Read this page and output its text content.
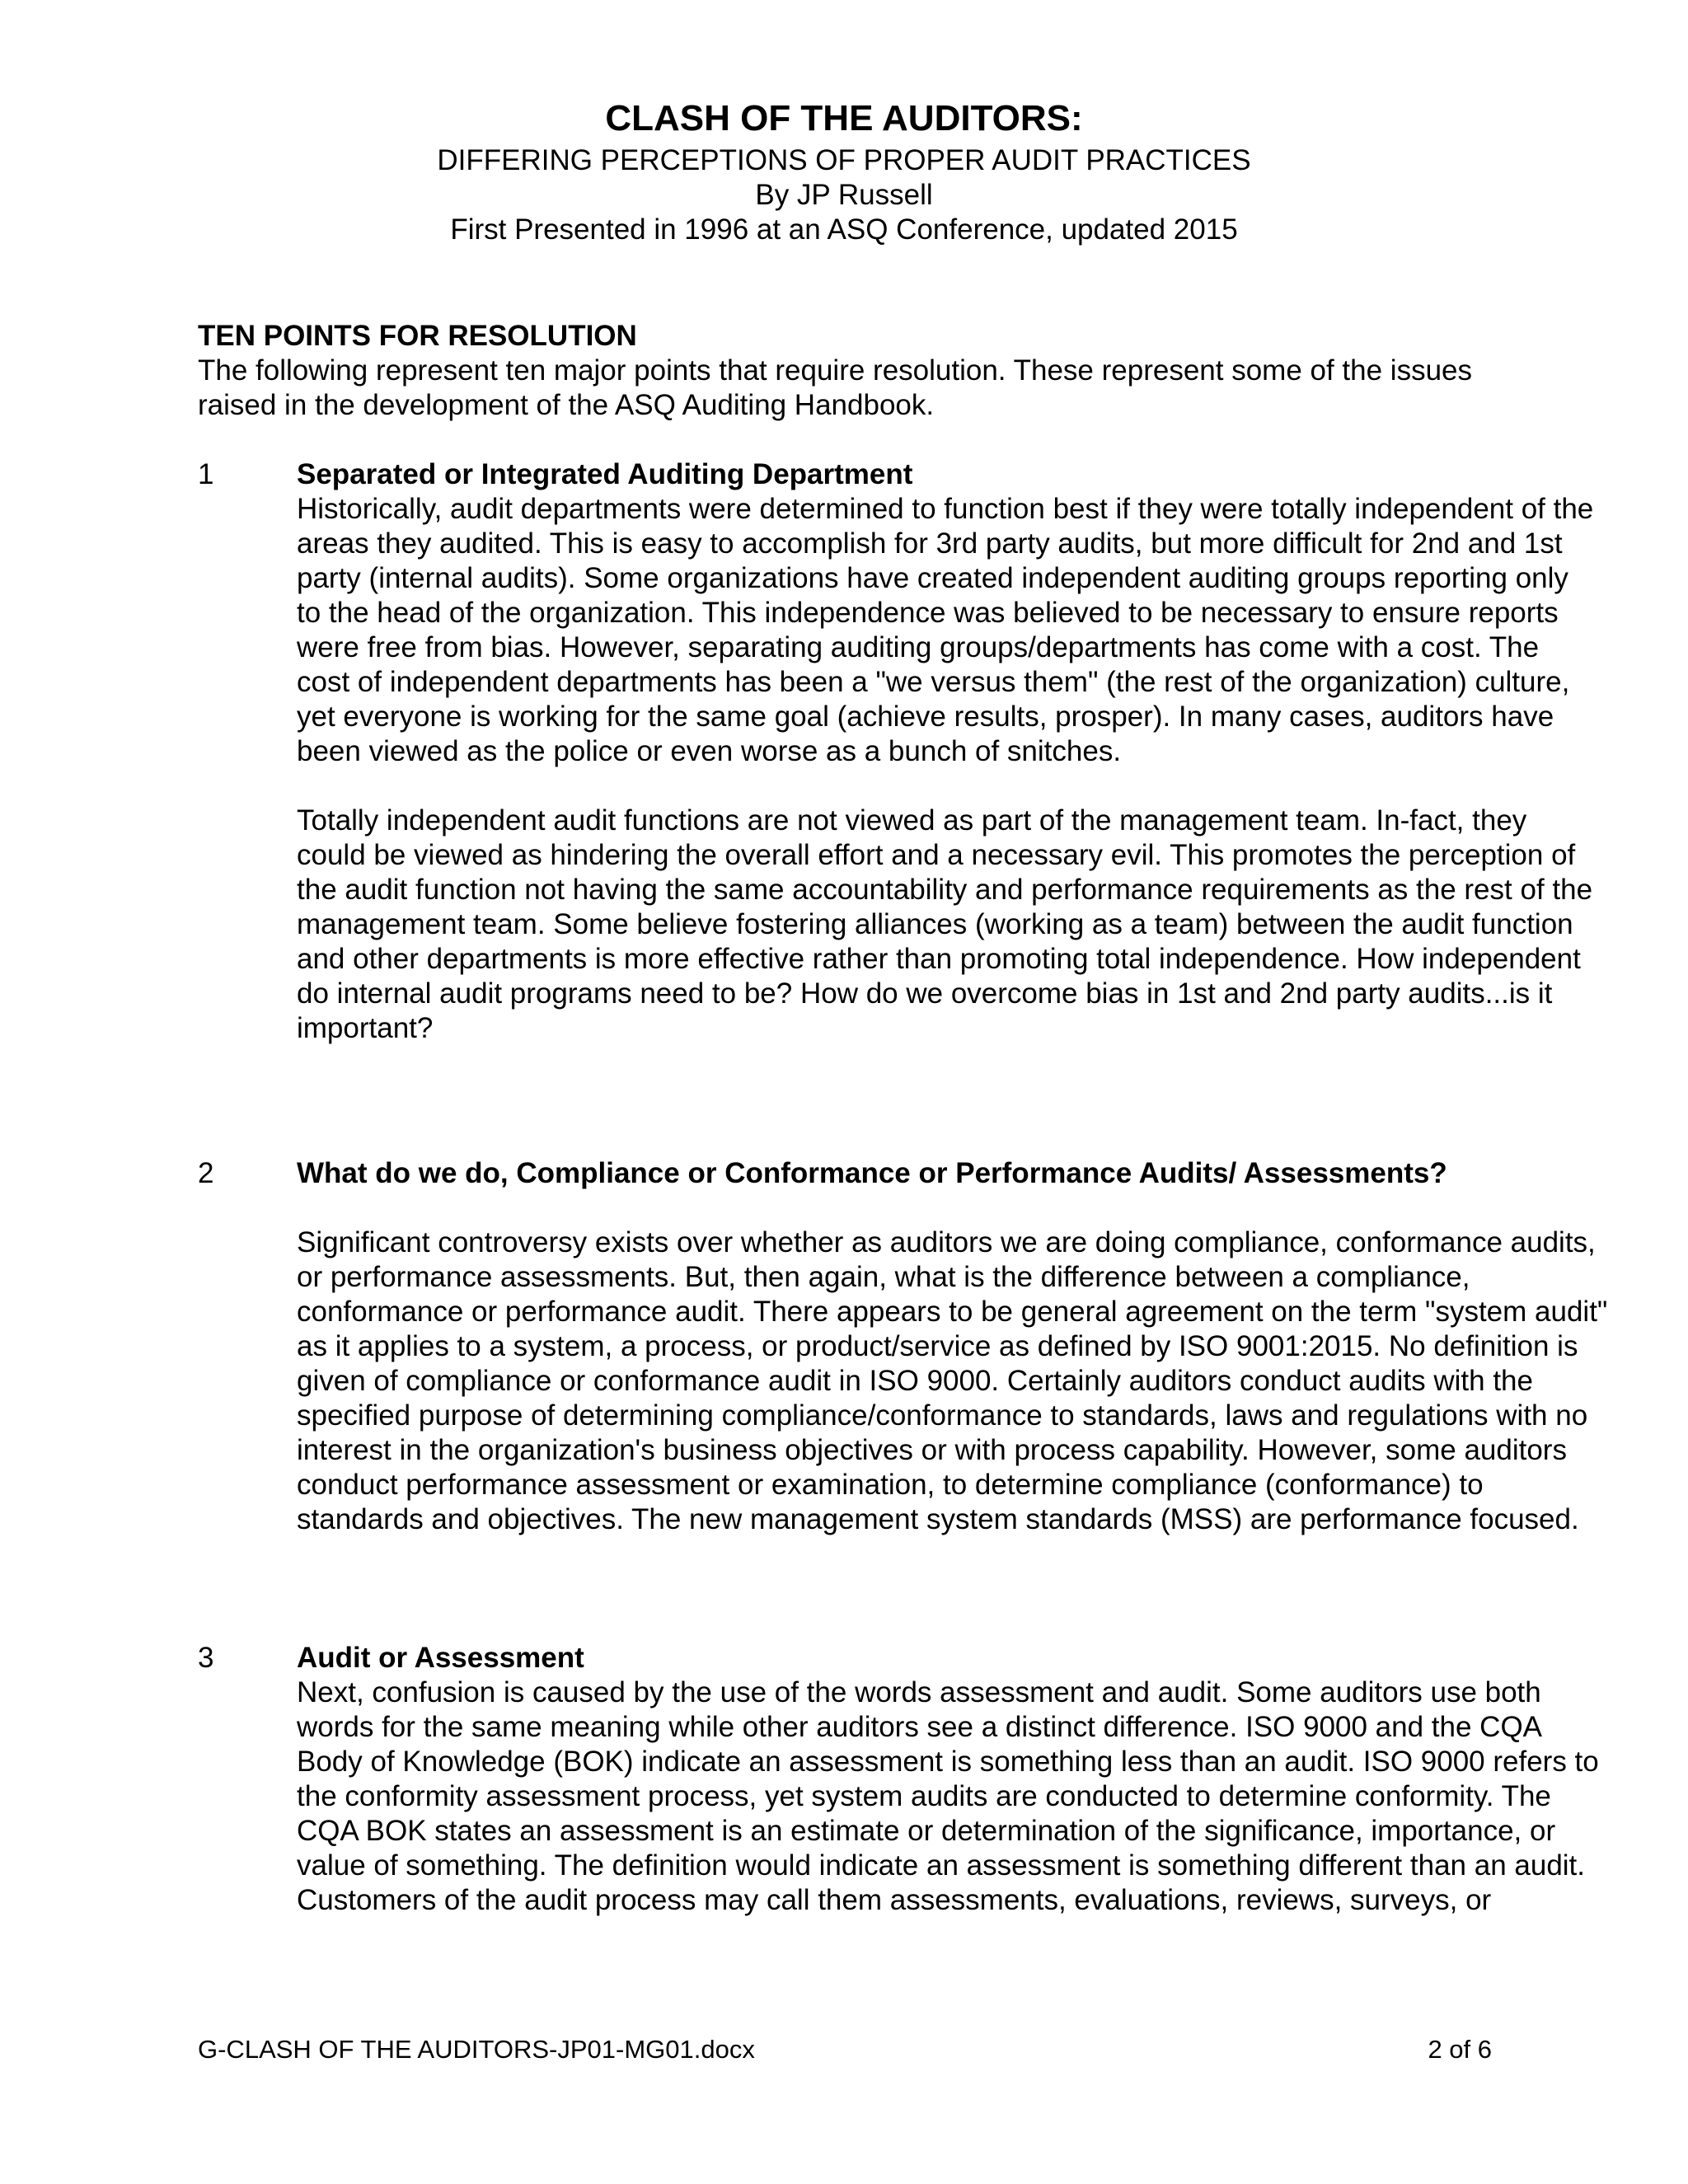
CLASH OF THE AUDITORS:
DIFFERING PERCEPTIONS OF PROPER AUDIT PRACTICES
By JP Russell
First Presented in 1996 at an ASQ Conference, updated 2015
TEN POINTS FOR RESOLUTION
The following represent ten major points that require resolution. These represent some of the issues raised in the development of the ASQ Auditing Handbook.
1	Separated or Integrated Auditing Department

Historically, audit departments were determined to function best if they were totally independent of the areas they audited. This is easy to accomplish for 3rd party audits, but more difficult for 2nd and 1st party (internal audits). Some organizations have created independent auditing groups reporting only to the head of the organization. This independence was believed to be necessary to ensure reports were free from bias. However, separating auditing groups/departments has come with a cost. The cost of independent departments has been a "we versus them" (the rest of the organization) culture, yet everyone is working for the same goal (achieve results, prosper). In many cases, auditors have been viewed as the police or even worse as a bunch of snitches.

Totally independent audit functions are not viewed as part of the management team. In-fact, they could be viewed as hindering the overall effort and a necessary evil. This promotes the perception of the audit function not having the same accountability and performance requirements as the rest of the management team. Some believe fostering alliances (working as a team) between the audit function and other departments is more effective rather than promoting total independence. How independent do internal audit programs need to be? How do we overcome bias in 1st and 2nd party audits...is it important?

2	What do we do, Compliance or Conformance or Performance Audits/ Assessments?

Significant controversy exists over whether as auditors we are doing compliance, conformance audits, or performance assessments. But, then again, what is the difference between a compliance, conformance or performance audit. There appears to be general agreement on the term "system audit" as it applies to a system, a process, or product/service as defined by ISO 9001:2015. No definition is given of compliance or conformance audit in ISO 9000. Certainly auditors conduct audits with the specified purpose of determining compliance/conformance to standards, laws and regulations with no interest in the organization's business objectives or with process capability. However, some auditors conduct performance assessment or examination, to determine compliance (conformance) to standards and objectives. The new management system standards (MSS) are performance focused.

3	Audit or Assessment

Next, confusion is caused by the use of the words assessment and audit. Some auditors use both words for the same meaning while other auditors see a distinct difference. ISO 9000 and the CQA Body of Knowledge (BOK) indicate an assessment is something less than an audit. ISO 9000 refers to the conformity assessment process, yet system audits are conducted to determine conformity. The CQA BOK states an assessment is an estimate or determination of the significance, importance, or value of something. The definition would indicate an assessment is something different than an audit. Customers of the audit process may call them assessments, evaluations, reviews, surveys, or

G-CLASH OF THE AUDITORS-JP01-MG01.docx	2 of 6
